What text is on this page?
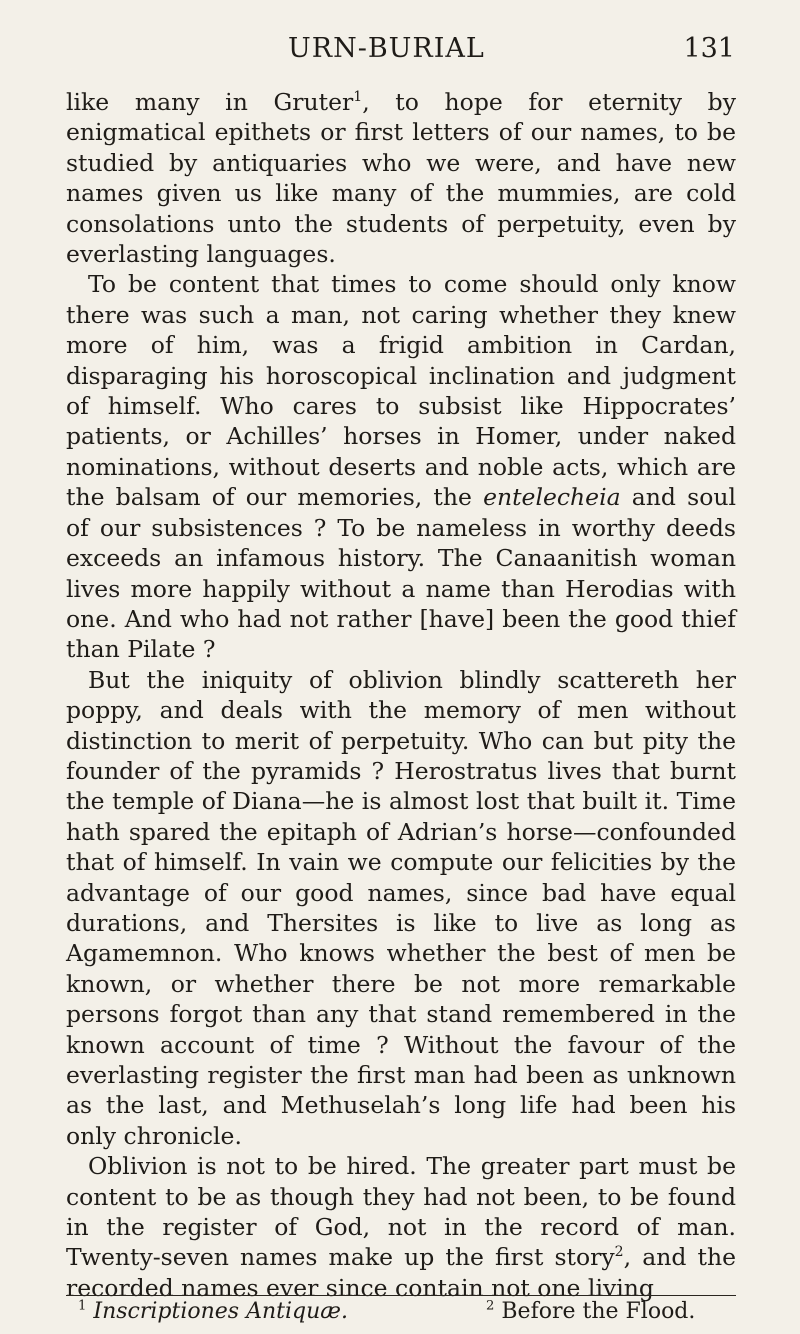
URN-BURIAL	131

like many in Gruter$^1$, to hope for eternity by enigmatical epithets or first letters of our names, to be studied by antiquaries who we were, and have new names given us like many of the mummies, are cold consolations unto the students of perpetuity, even by everlasting languages.

To be content that times to come should only know there was such a man, not caring whether they knew more of him, was a frigid ambition in Cardan, disparaging his horoscopical inclination and judgment of himself. Who cares to subsist like Hippocrates’ patients, or Achilles’ horses in Homer, under naked nominations, without deserts and noble acts, which are the balsam of our memories, the entelecheia and soul of our subsistences ? To be nameless in worthy deeds exceeds an infamous history. The Canaanitish woman lives more happily without a name than Herodias with one. And who had not rather [have] been the good thief than Pilate ?

But the iniquity of oblivion blindly scattereth her poppy, and deals with the memory of men without distinction to merit of perpetuity. Who can but pity the founder of the pyramids ? Herostratus lives that burnt the temple of Diana—he is almost lost that built it. Time hath spared the epitaph of Adrian’s horse—confounded that of himself. In vain we compute our felicities by the advantage of our good names, since bad have equal durations, and Thersites is like to live as long as Agamemnon. Who knows whether the best of men be known, or whether there be not more remarkable persons forgot than any that stand remembered in the known account of time ? Without the favour of the everlasting register the first man had been as unknown as the last, and Methuselah’s long life had been his only chronicle.

Oblivion is not to be hired. The greater part must be content to be as though they had not been, to be found in the register of God, not in the record of man. Twenty-seven names make up the first story$^2$, and the recorded names ever since contain not one living

$^1$ Inscriptiones Antiquæ.	$^2$ Before the Flood.
